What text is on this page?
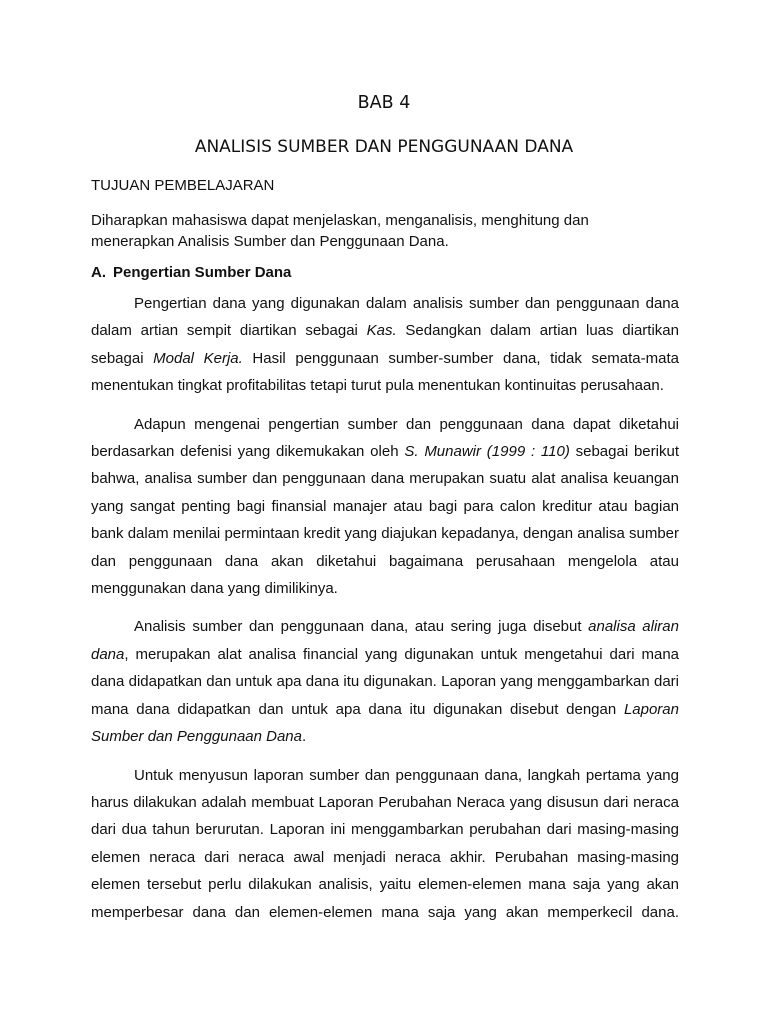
BAB 4
ANALISIS SUMBER DAN PENGGUNAAN DANA
TUJUAN PEMBELAJARAN
Diharapkan mahasiswa dapat menjelaskan, menganalisis, menghitung dan menerapkan Analisis Sumber dan Penggunaan Dana.
A. Pengertian Sumber Dana

Pengertian dana yang digunakan dalam analisis sumber dan penggunaan dana dalam artian sempit diartikan sebagai Kas. Sedangkan dalam artian luas diartikan sebagai Modal Kerja. Hasil penggunaan sumber-sumber dana, tidak semata-mata menentukan tingkat profitabilitas tetapi turut pula menentukan kontinuitas perusahaan.

Adapun mengenai pengertian sumber dan penggunaan dana dapat diketahui berdasarkan defenisi yang dikemukakan oleh S. Munawir (1999 : 110) sebagai berikut bahwa, analisa sumber dan penggunaan dana merupakan suatu alat analisa keuangan yang sangat penting bagi finansial manajer atau bagi para calon kreditur atau bagian bank dalam menilai permintaan kredit yang diajukan kepadanya, dengan analisa sumber dan penggunaan dana akan diketahui bagaimana perusahaan mengelola atau menggunakan dana yang dimilikinya.

Analisis sumber dan penggunaan dana, atau sering juga disebut analisa aliran dana, merupakan alat analisa financial yang digunakan untuk mengetahui dari mana dana didapatkan dan untuk apa dana itu digunakan. Laporan yang menggambarkan dari mana dana didapatkan dan untuk apa dana itu digunakan disebut dengan Laporan Sumber dan Penggunaan Dana.

Untuk menyusun laporan sumber dan penggunaan dana, langkah pertama yang harus dilakukan adalah membuat Laporan Perubahan Neraca yang disusun dari neraca dari dua tahun berurutan. Laporan ini menggambarkan perubahan dari masing-masing elemen neraca dari neraca awal menjadi neraca akhir. Perubahan masing-masing elemen tersebut perlu dilakukan analisis, yaitu elemen-elemen mana saja yang akan memperbesar dana dan elemen-elemen mana saja yang akan memperkecil dana.
